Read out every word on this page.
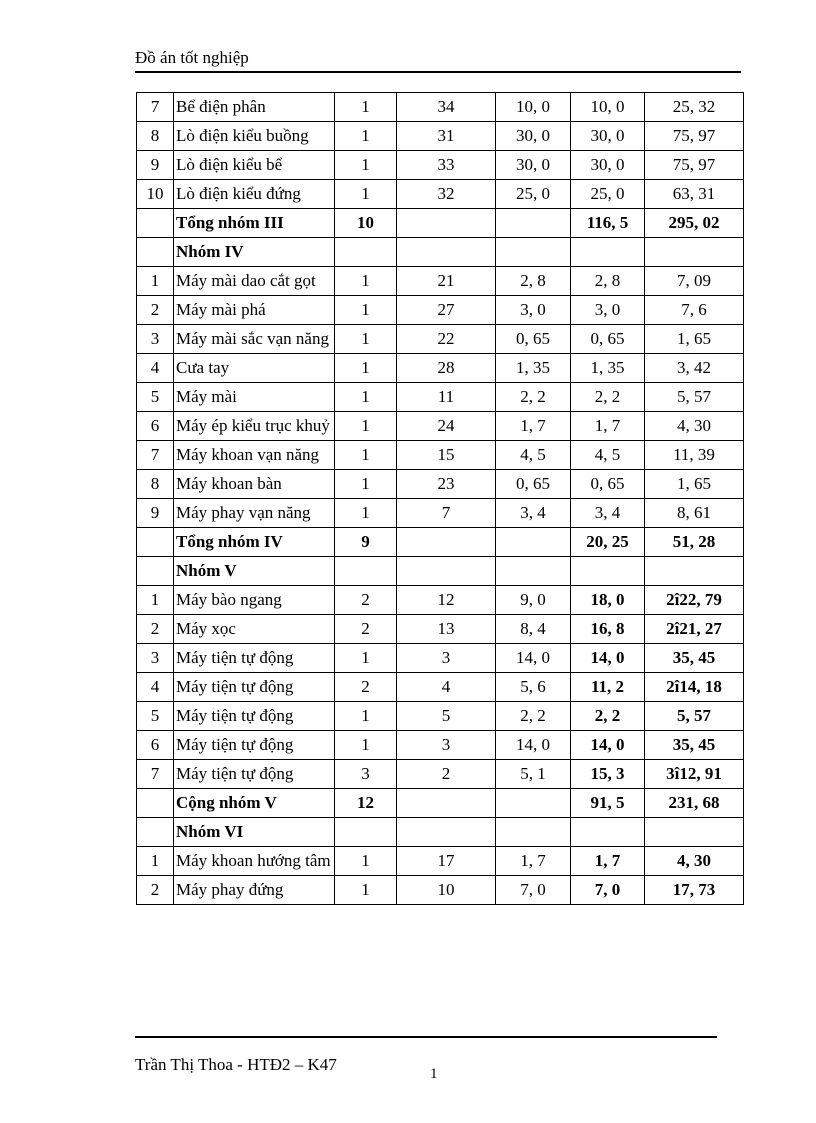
Đồ án tốt nghiệp
7	Bể điện phân	1	34	10, 0	10, 0	25, 32
8	Lò điện kiểu buồng	1	31	30, 0	30, 0	75, 97
9	Lò điện kiểu bể	1	33	30, 0	30, 0	75, 97
10	Lò điện kiểu đứng	1	32	25, 0	25, 0	63, 31
	Tổng nhóm III	10			116, 5	295, 02
	Nhóm IV					
1	Máy mài dao cắt gọt	1	21	2, 8	2, 8	7, 09
2	Máy mài phá	1	27	3, 0	3, 0	7, 6
3	Máy mài sắc vạn năng	1	22	0, 65	0, 65	1, 65
4	Cưa tay	1	28	1, 35	1, 35	3, 42
5	Máy mài	1	11	2, 2	2, 2	5, 57
6	Máy ép kiểu trục khuỷ	1	24	1, 7	1, 7	4, 30
7	Máy khoan vạn năng	1	15	4, 5	4, 5	11, 39
8	Máy khoan bàn	1	23	0, 65	0, 65	1, 65
9	Máy phay vạn năng	1	7	3, 4	3, 4	8, 61
	Tổng nhóm IV	9			20, 25	51, 28
	Nhóm V					
1	Máy bào ngang	2	12	9, 0	18, 0	2î22, 79
2	Máy xọc	2	13	8, 4	16, 8	2î21, 27
3	Máy tiện tự động	1	3	14, 0	14, 0	35, 45
4	Máy tiện tự động	2	4	5, 6	11, 2	2î14, 18
5	Máy tiện tự động	1	5	2, 2	2, 2	5, 57
6	Máy tiện tự động	1	3	14, 0	14, 0	35, 45
7	Máy tiện tự động	3	2	5, 1	15, 3	3î12, 91
	Cộng nhóm V	12			91, 5	231, 68
	Nhóm VI					
1	Máy khoan hướng tâm	1	17	1, 7	1, 7	4, 30
2	Máy phay đứng	1	10	7, 0	7, 0	17, 73
Trần Thị Thoa - HTĐ2 – K47	1
